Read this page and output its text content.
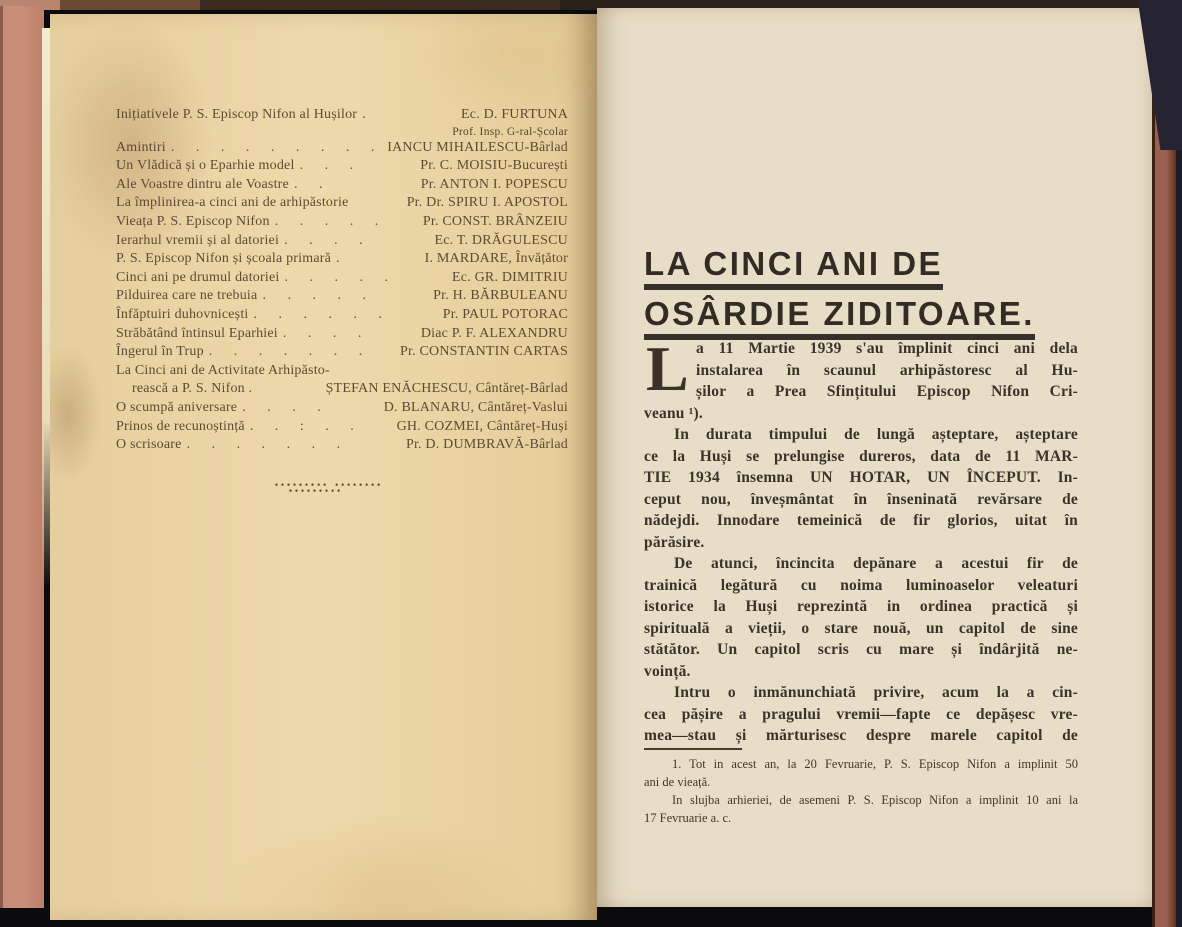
Inițiativele P. S. Episcop Nifon al Hușilor .	Ec. D. FURTUNA
Prof. Insp. G-ral-Școlar
Amintiri . . . . . . . . . IANCU MIHAILESCU-Bârlad
Un Vlădică și o Eparhie model . . .	Pr. C. MOISIU-București
Ale Voastre dintru ale Voastre . .	Pr. ANTON I. POPESCU
La împlinirea-a cinci ani de arhipăstorie	Pr. Dr. SPIRU I. APOSTOL
Vieața P. S. Episcop Nifon . . . . .	Pr. CONST. BRÂNZEIU
Ierarhul vremii și al datoriei . . . .	Ec. T. DRĂGULESCU
P. S. Episcop Nifon și școala primară .	I. MARDARE, Învățător
Cinci ani pe drumul datoriei . . . . .	Ec. GR. DIMITRIU
Pilduirea care ne trebuia . . . . .	Pr. H. BĂRBULEANU
Înfăptuiri duhovnicești . . . . . .	Pr. PAUL POTORAC
Străbătând întinsul Eparhiei . . . .	Diac P. F. ALEXANDRU
Îngerul în Trup . . . . . . .	Pr. CONSTANTIN CARTAS
La Cinci ani de Activitate Arhipăsto-
rească a P. S. Nifon .	ȘTEFAN ENĂCHESCU, Cântăreț-Bârlad
O scumpă aniversare . . . .	D. BLANARU, Cântăreț-Vaslui
Prinos de recunoștință . . : . .	GH. COZMEI, Cântăreț-Huși
O scrisoare . . . . . . .	Pr. D. DUMBRAVĂ-Bârlad
▪▪▪▪▪▪▪▪▪ ▪▪▪▪▪▪▪▪
▪▪▪▪▪▪▪▪▪
LA CINCI ANI DE
OSÂRDIE ZIDITOARE.
L a 11 Martie 1939 s'au împlinit cinci ani dela
instalarea în scaunul arhipăstoresc al Hu-
șilor a Prea Sfințitului Episcop Nifon Cri-
veanu ¹).
In durata timpului de lungă așteptare, așteptare
ce la Huși se prelungise dureros, data de 11 MAR-
TIE 1934 însemna UN HOTAR, UN ÎNCEPUT. In-
ceput nou, înveșmântat în înseninată revărsare de
nădejdi. Innodare temeinică de fir glorios, uitat în
părăsire.
De atunci, încincita depănare a acestui fir de
trainică legătură cu noima luminoaselor veleaturi
istorice la Huși reprezintă in ordinea practică și
spirituală a vieții, o stare nouă, un capitol de sine
stătător. Un capitol scris cu mare și îndârjită ne-
voință.
Intru o inmănunchiată privire, acum la a cin-
cea pășire a pragului vremii—fapte ce depășesc vre-
mea—stau și mărturisesc despre marele capitol de
1. Tot in acest an, la 20 Fevruarie, P. S. Episcop Nifon a implinit 50
ani de vieață.
In slujba arhieriei, de asemeni P. S. Episcop Nifon a implinit 10 ani la
17 Fevruarie a. c.
